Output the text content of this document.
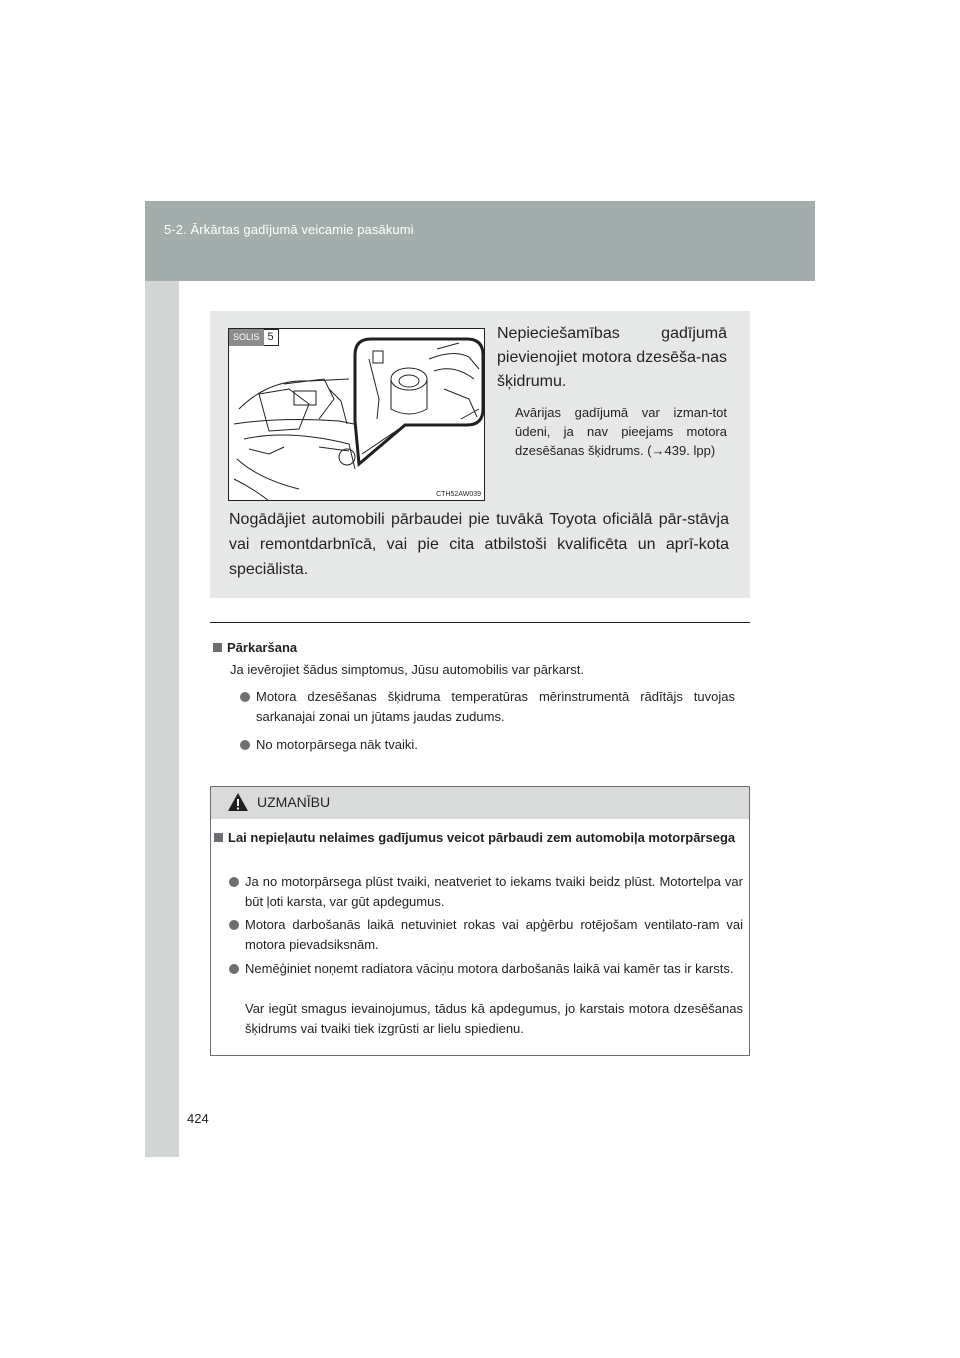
5-2. Ārkārtas gadījumā veicamie pasākumi
SOLIS 5
CTH52AW039
Nepieciešamības gadījumā pievienojiet motora dzesēša-nas šķidrumu.
Avārijas gadījumā var izman-tot ūdeni, ja nav pieejams motora dzesēšanas šķidrums. (→439. lpp)
Nogādājiet automobili pārbaudei pie tuvākā Toyota oficiālā pār-stāvja vai remontdarbnīcā, vai pie cita atbilstoši kvalificēta un aprī-kota speciālista.
Pārkaršana
Ja ievērojiet šādus simptomus, Jūsu automobilis var pārkarst.
Motora dzesēšanas šķidruma temperatūras mērinstrumentā rādītājs tuvojas sarkanajai zonai un jūtams jaudas zudums.
No motorpārsega nāk tvaiki.
UZMANĪBU
Lai nepieļautu nelaimes gadījumus veicot pārbaudi zem automobiļa motorpārsega
Ja no motorpārsega plūst tvaiki, neatveriet to iekams tvaiki beidz plūst. Motortelpa var būt ļoti karsta, var gūt apdegumus.
Motora darbošanās laikā netuviniet rokas vai apģērbu rotējošam ventilato-ram vai motora pievadsiksnām.
Nemēģiniet noņemt radiatora vāciņu motora darbošanās laikā vai kamēr tas ir karsts.
Var iegūt smagus ievainojumus, tādus kā apdegumus, jo karstais motora dzesēšanas šķidrums vai tvaiki tiek izgrūsti ar lielu spiedienu.
424
